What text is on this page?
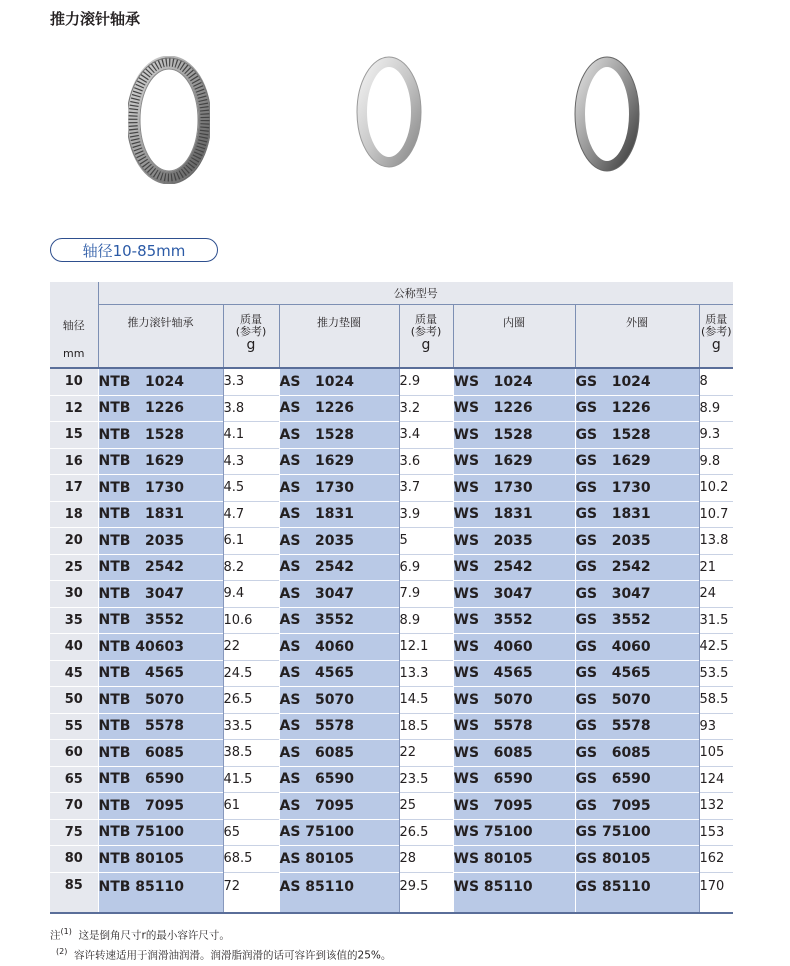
推力滚针轴承
轴径10-85mm
轴径
mm	公称型号						

	推力滚针轴承	质量
(参考)
g	推力垫圈	质量
(参考)
g	内圈	外圈	质量
(参考)
g

10	NTB   1024	3.3	AS   1024	2.9	WS   1024	GS   1024	8
12	NTB   1226	3.8	AS   1226	3.2	WS   1226	GS   1226	8.9
15	NTB   1528	4.1	AS   1528	3.4	WS   1528	GS   1528	9.3
16	NTB   1629	4.3	AS   1629	3.6	WS   1629	GS   1629	9.8
17	NTB   1730	4.5	AS   1730	3.7	WS   1730	GS   1730	10.2
18	NTB   1831	4.7	AS   1831	3.9	WS   1831	GS   1831	10.7
20	NTB   2035	6.1	AS   2035	5	WS   2035	GS   2035	13.8
25	NTB   2542	8.2	AS   2542	6.9	WS   2542	GS   2542	21
30	NTB   3047	9.4	AS   3047	7.9	WS   3047	GS   3047	24
35	NTB   3552	10.6	AS   3552	8.9	WS   3552	GS   3552	31.5
40	NTB 40603	22	AS   4060	12.1	WS   4060	GS   4060	42.5
45	NTB   4565	24.5	AS   4565	13.3	WS   4565	GS   4565	53.5
50	NTB   5070	26.5	AS   5070	14.5	WS   5070	GS   5070	58.5
55	NTB   5578	33.5	AS   5578	18.5	WS   5578	GS   5578	93
60	NTB   6085	38.5	AS   6085	22	WS   6085	GS   6085	105
65	NTB   6590	41.5	AS   6590	23.5	WS   6590	GS   6590	124
70	NTB   7095	61	AS   7095	25	WS   7095	GS   7095	132
75	NTB 75100	65	AS 75100	26.5	WS 75100	GS 75100	153
80	NTB 80105	68.5	AS 80105	28	WS 80105	GS 80105	162
85	NTB 85110	72	AS 85110	29.5	WS 85110	GS 85110	170
注$^{(1)}$ 这是倒角尺寸r的最小容许尺寸。
$^{(2)}$ 容许转速适用于润滑油润滑。润滑脂润滑的话可容许到该值的25%。
